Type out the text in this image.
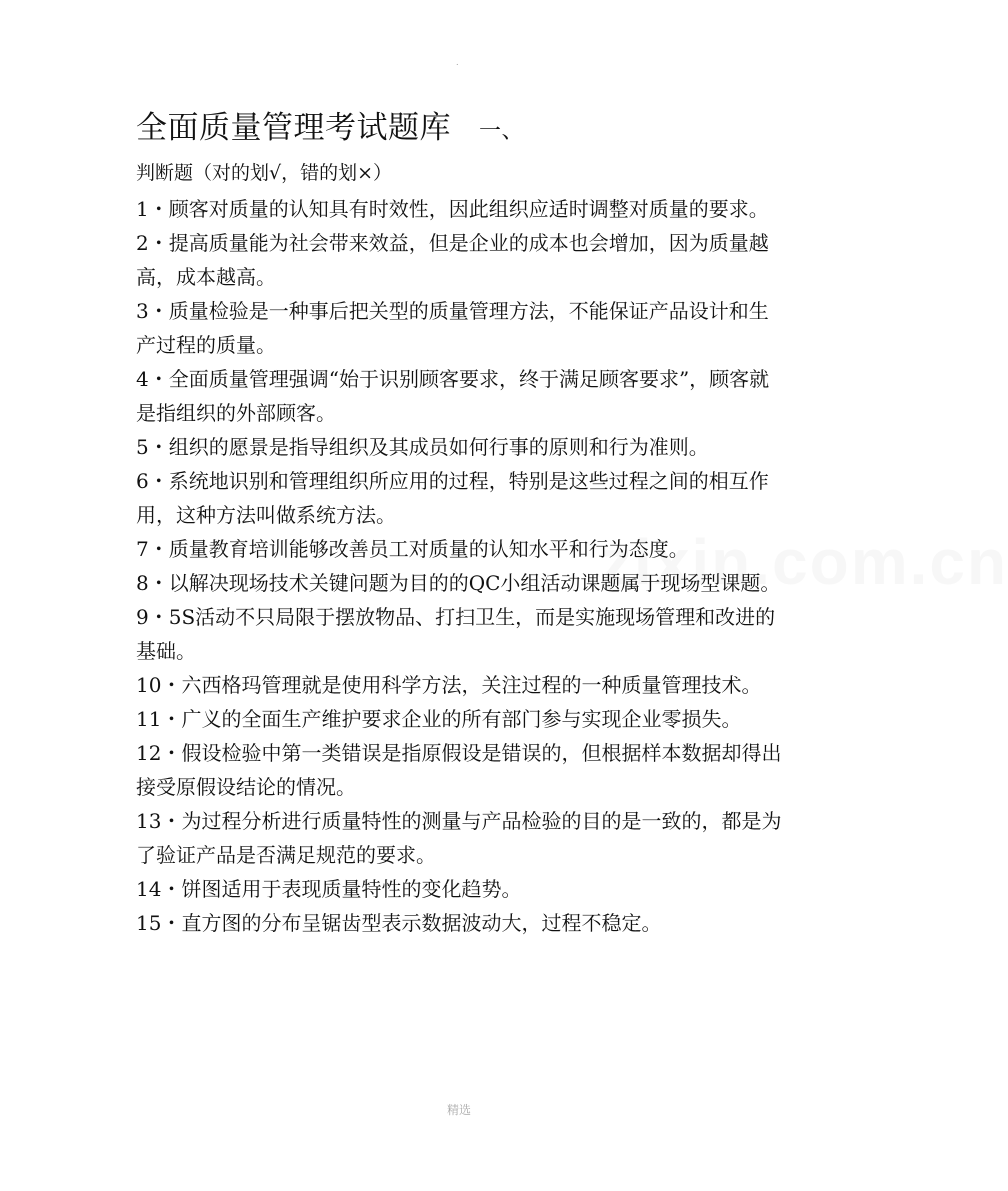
.
全面质量管理考试题库 一、
判断题（对的划√，错的划×）
zixin.com.cn

1・顾客对质量的认知具有时效性，因此组织应适时调整对质量的要求。

2・提高质量能为社会带来效益，但是企业的成本也会增加，因为质量越高，成本越高。

3・质量检验是一种事后把关型的质量管理方法，不能保证产品设计和生产过程的质量。

4・全面质量管理强调“始于识别顾客要求，终于满足顾客要求”，顾客就是指组织的外部顾客。

5・组织的愿景是指导组织及其成员如何行事的原则和行为准则。

6・系统地识别和管理组织所应用的过程，特别是这些过程之间的相互作用，这种方法叫做系统方法。

7・质量教育培训能够改善员工对质量的认知水平和行为态度。

8・以解决现场技术关键问题为目的的QC小组活动课题属于现场型课题。

9・5S活动不只局限于摆放物品、打扫卫生，而是实施现场管理和改进的基础。

10・六西格玛管理就是使用科学方法，关注过程的一种质量管理技术。

11・广义的全面生产维护要求企业的所有部门参与实现企业零损失。

12・假设检验中第一类错误是指原假设是错误的，但根据样本数据却得出接受原假设结论的情况。

13・为过程分析进行质量特性的测量与产品检验的目的是一致的，都是为了验证产品是否满足规范的要求。

14・饼图适用于表现质量特性的变化趋势。

15・直方图的分布呈锯齿型表示数据波动大，过程不稳定。

精选
